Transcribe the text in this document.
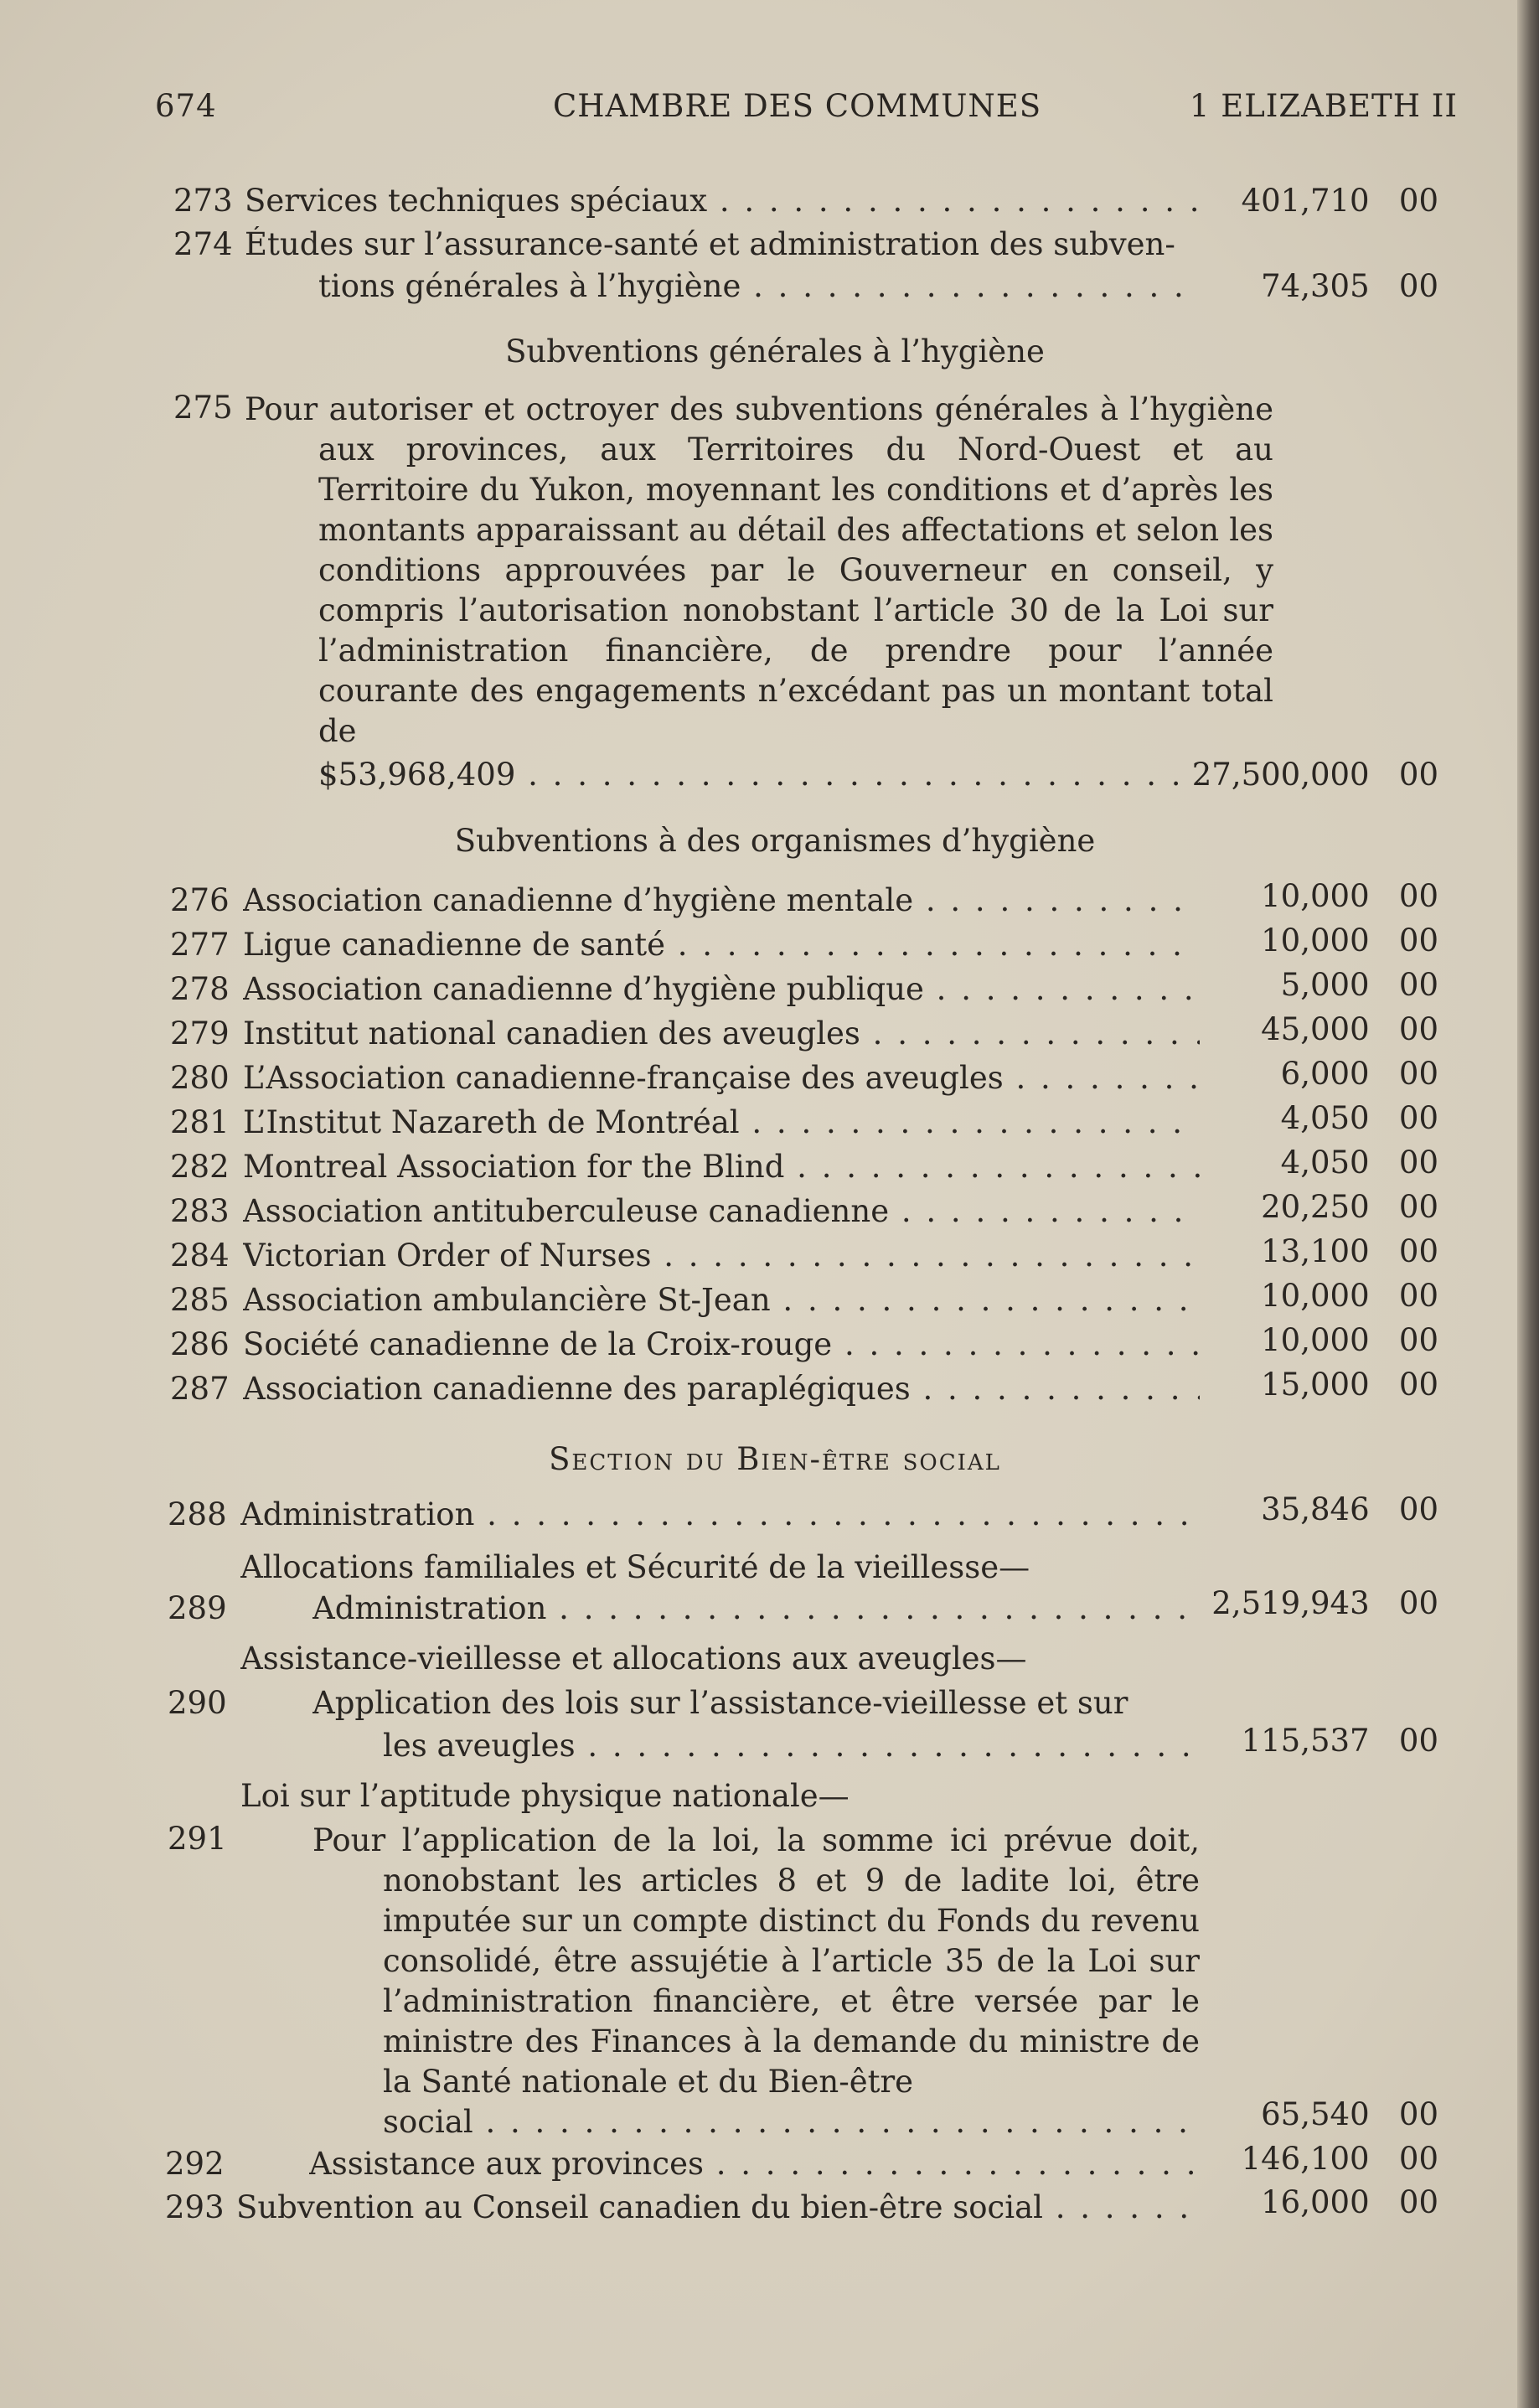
674	CHAMBRE DES COMMUNES	1 ELIZABETH II
273 Services techniques spéciaux . . .	401,710 00
274 Études sur l’assurance-santé et administration des subven-
tions générales à l’hygiène . . .	74,305 00
Subventions générales à l’hygiène
275 Pour autoriser et octroyer des subventions générales à l’hygiène aux provinces, aux Territoires du Nord-Ouest et au Territoire du Yukon, moyennant les conditions et d’après les montants apparaissant au détail des affectations et selon les conditions approuvées par le Gouverneur en conseil, y compris l’autorisation nonobstant l’article 30 de la Loi sur l’administration financière, de prendre pour l’année courante des engagements n’excédant pas un montant total de
$53,968,409 . . .	27,500,000 00
Subventions à des organismes d’hygiène
276 Association canadienne d’hygiène mentale . . .	10,000 00
277 Ligue canadienne de santé . . .	10,000 00
278 Association canadienne d’hygiène publique . . .	5,000 00
279 Institut national canadien des aveugles . . .	45,000 00
280 L’Association canadienne-française des aveugles . . .	6,000 00
281 L’Institut Nazareth de Montréal . . .	4,050 00
282 Montreal Association for the Blind . . .	4,050 00
283 Association antituberculeuse canadienne . . .	20,250 00
284 Victorian Order of Nurses . . .	13,100 00
285 Association ambulancière St-Jean . . .	10,000 00
286 Société canadienne de la Croix-rouge . . .	10,000 00
287 Association canadienne des paraplégiques . . .	15,000 00
Section du Bien-être social
288 Administration . . .	35,846 00
Allocations familiales et Sécurité de la vieillesse—
289	Administration . . .	2,519,943 00
Assistance-vieillesse et allocations aux aveugles—
290	Application des lois sur l’assistance-vieillesse et sur
les aveugles . . .	115,537 00
Loi sur l’aptitude physique nationale—
291	Pour l’application de la loi, la somme ici prévue doit, nonobstant les articles 8 et 9 de ladite loi, être imputée sur un compte distinct du Fonds du revenu consolidé, être assujétie à l’article 35 de la Loi sur l’administration financière, et être versée par le ministre des Finances à la demande du ministre de la Santé nationale et du Bien-être
social . . .	65,540 00
292	Assistance aux provinces . . .	146,100 00
293 Subvention au Conseil canadien du bien-être social . . .	16,000 00
